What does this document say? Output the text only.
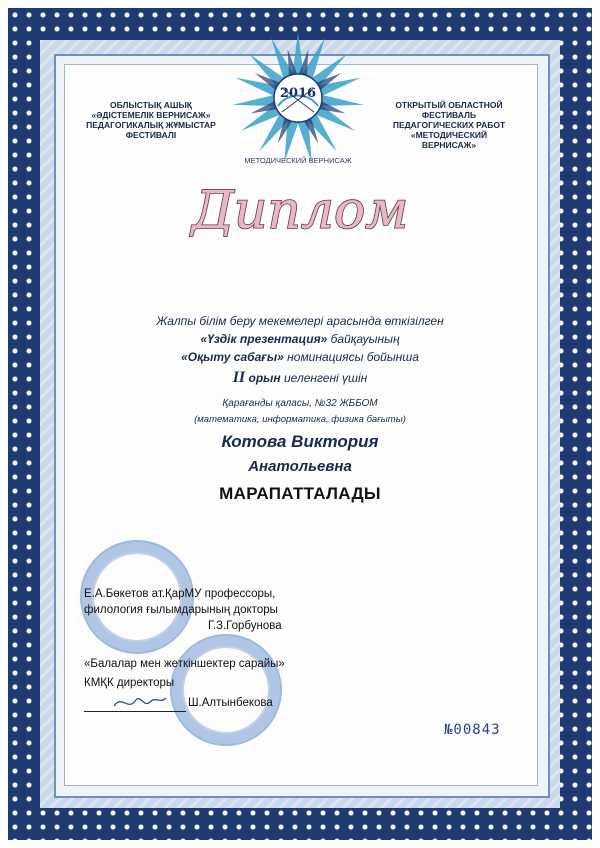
ОБЛЫСТЫҚ АШЫҚ
«ӘДІСТЕМЕЛІК ВЕРНИСАЖ»
ПЕДАГОГИКАЛЫҚ ЖҰМЫСТАР
ФЕСТИВАЛІ
ОТКРЫТЫЙ ОБЛАСТНОЙ
ФЕСТИВАЛЬ
ПЕДАГОГИЧЕСКИХ РАБОТ
«МЕТОДИЧЕСКИЙ ВЕРНИСАЖ»
2016
МЕТОДИЧЕСКИЙ ВЕРНИСАЖ
Диплом
Жалпы білім беру мекемелері арасында өткізілген
«Үздік презентация» байқауының
«Оқыту сабағы» номинациясы бойынша
II орын иеленгені үшін
Қарағанды қаласы, №32 ЖББОМ
(математика, информатика, физика бағыты)
Котова Виктория
Анатольевна
МАРАПАТТАЛАДЫ
Е.А.Бөкетов ат.ҚарМУ профессоры,
филология ғылымдарының докторы
Г.З.Горбунова
«Балалар мен жеткіншектер сарайы»
КМҚК директоры
Ш.Алтынбекова
№00843
